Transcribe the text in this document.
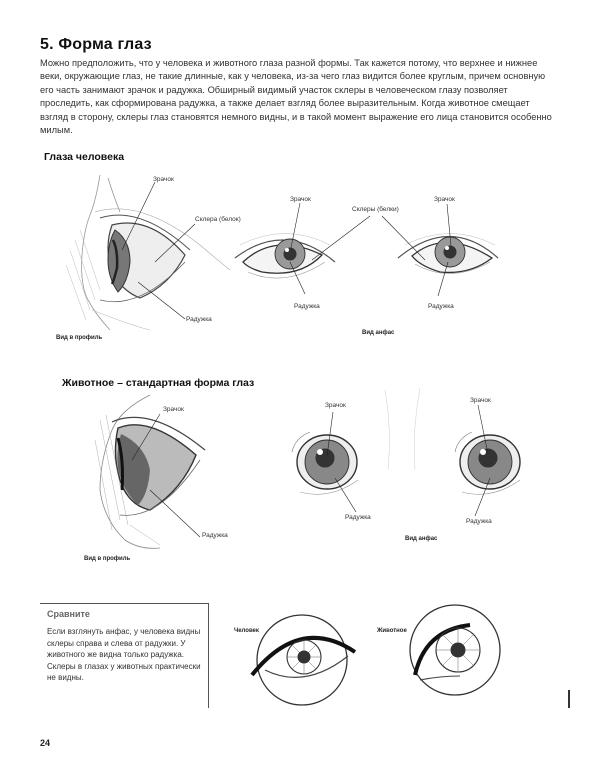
5. Форма глаз

Можно предположить, что у человека и животного глаза разной формы. Так кажется потому, что верхнее и нижнее веки, окружающие глаз, не такие длинные, как у человека, из-за чего глаз видится более круглым, причем основную его часть занимают зрачок и радужка. Обширный видимый участок склеры в человеческом глазу позволяет проследить, как сформирована радужка, а также делает взгляд более выразительным. Когда животное смещает взгляд в сторону, склеры глаз становятся немного видны, и в такой момент выражение его лица становится особенно милым.

Глаза человека
Животное – стандартная форма глаз
Зрачок
Склера (белок)
Радужка
Вид в профиль
Зрачок
Склеры (белки)
Зрачок
Радужка	Радужка
Вид анфас
Зрачок
Радужка
Вид в профиль
Зрачок
Зрачок
Радужка
Радужка
Вид анфас
Сравните
Если взглянуть анфас, у человека видны склеры справа и слева от радужки. У животного же видна только радужка. Склеры в глазах у животных практически не видны.
Человек	Животное
24
